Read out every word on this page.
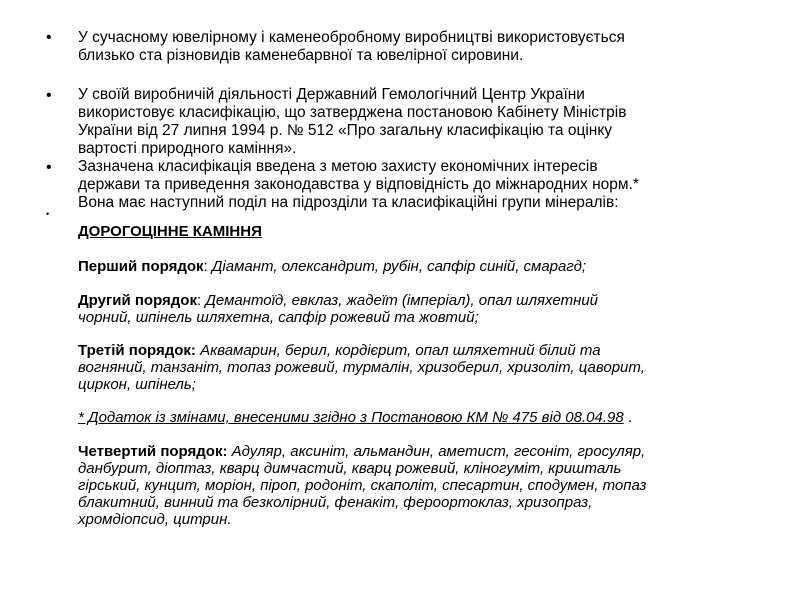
• У сучасному ювелірному і каменеобробному виробництві використовується
близько ста різновидів каменебарвної та ювелірної сировини.
• У своїй виробничій діяльності Державний Гемологічний Центр України
використовує класифікацію, що затверджена постановою Кабінету Міністрів
України від 27 липня 1994 р. № 512 «Про загальну класифікацію та оцінку
вартості природного каміння».
• Зазначена класифікація введена з метою захисту економічних інтересів
держави та приведення законодавства у відповідність до міжнародних норм.*
Вона має наступний поділ на підрозділи та класифікаційні групи мінералів:
•
ДОРОГОЦІННЕ КАМІННЯ
Перший порядок: Діамант, олександрит, рубін, сапфір синій, смарагд;
Другий порядок: Демантоїд, евклаз, жадеїт (імперіал), опал шляхетний
чорний, шпінель шляхетна, сапфір рожевий та жовтий;
Третій порядок: Аквамарин, берил, кордієрит, опал шляхетний білий та
вогняний, танзаніт, топаз рожевий, турмалін, хризоберил, хризоліт, цаворит,
циркон, шпінель;
* Додаток із змінами, внесеними згідно з Постановою КМ № 475 від 08.04.98 .
Четвертий порядок: Адуляр, аксиніт, альмандин, аметист, гесоніт, гросуляр,
данбурит, діоптаз, кварц димчастий, кварц рожевий, кліногуміт, кришталь
гірський, кунцит, моріон, піроп, родоніт, скаполіт, спесартин, сподумен, топаз
блакитний, винний та безколірний, фенакіт, фероортоклаз, хризопраз,
хромдіопсид, цитрин.
